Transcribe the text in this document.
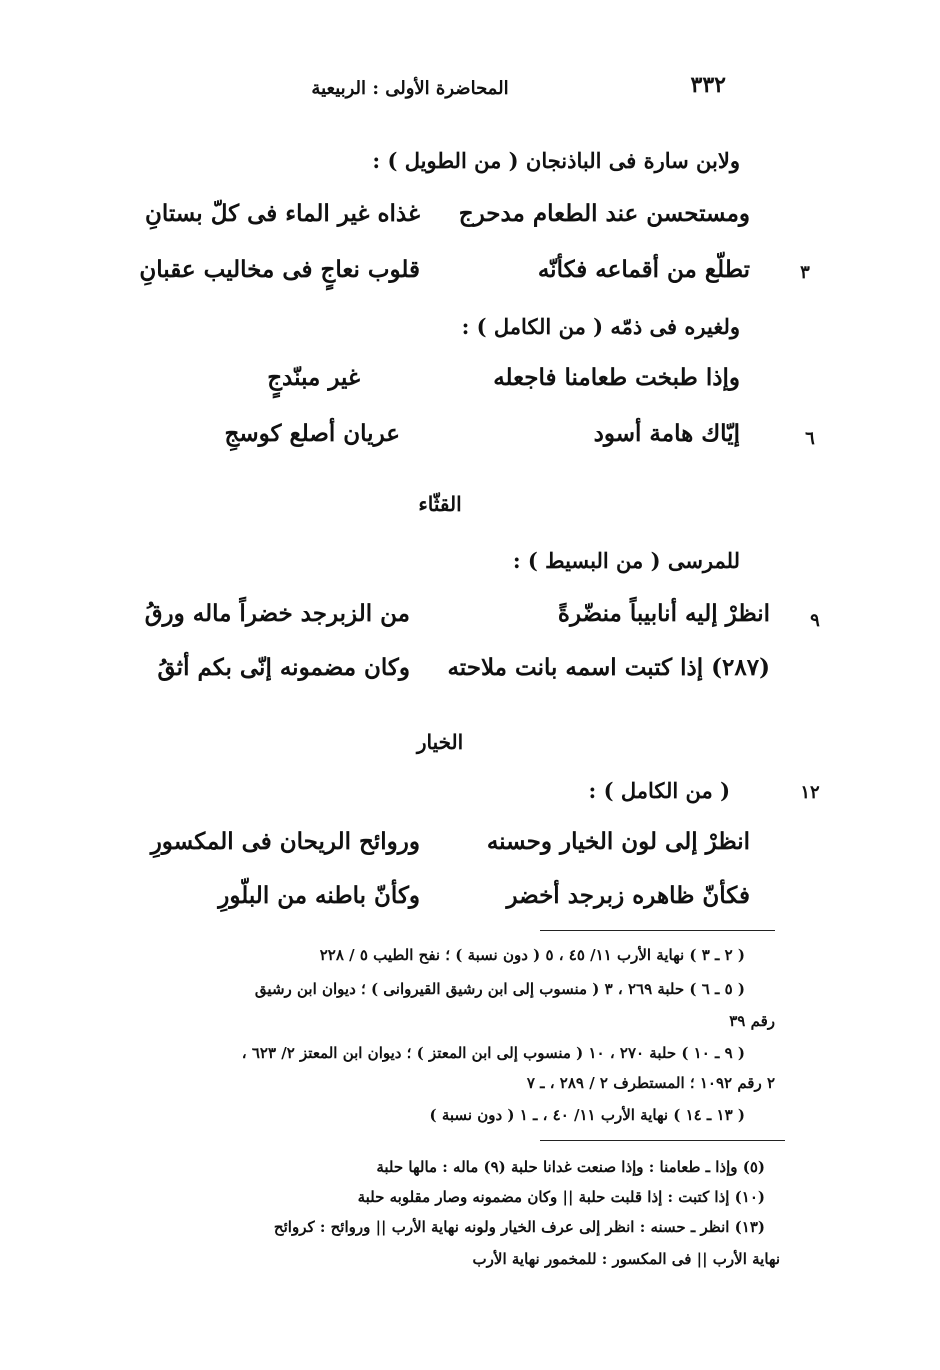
٣٣٢
المحاضرة الأولى : الربيعية
ولابن سارة فى الباذنجان ( من الطويل ) :
ومستحسن عند الطعام مدحرج
غذاه غير الماء فى كلّ بستانِ
٣
تطلّع من أقماعه فكأنّه
قلوب نعاجٍ فى مخاليب عقبانِ
ولغيره فى ذمّه ( من الكامل ) :
وإذا طبخت طعامنا فاجعله
غير مبنّدجٍ
٦
إيّاك هامة أسود
عريان أصلع كوسجِ
القثّاء
للمرسى ( من البسيط ) :
٩
انظرْ إليه أنابيباً منضّرةً
من الزبرجد خضراً ماله ورقُ
(٢٨٧) إذا كتبت اسمه بانت ملاحته
وكان مضمونه إنّى بكم أثقُ
الخيار
١٢
( من الكامل ) :
انظرْ إلى لون الخيار وحسنه
وروائح الريحان فى المكسورِ
فكأنّ ظاهره زبرجد أخضر
وكأنّ باطنه من البلّورِ
( ٢ ـ ٣ ) نهاية الأرب ١١/ ٤٥ ، ٥ ( دون نسبة ) ؛ نفح الطيب ٥ / ٢٢٨
( ٥ ـ ٦ ) حلبة ٢٦٩ ، ٣ ( منسوب إلى ابن رشيق القيروانى ) ؛ ديوان ابن رشيق
رقم ٣٩
( ٩ ـ ١٠ ) حلبة ٢٧٠ ، ١٠ ( منسوب إلى ابن المعتز ) ؛ ديوان ابن المعتز ٢/ ٦٢٣ ،
٢ رقم ١٠٩٢ ؛ المستطرف ٢ / ٢٨٩ ، ـ ٧
( ١٣ ـ ١٤ ) نهاية الأرب ١١/ ٤٠ ، ـ ١ ( دون نسبة )
(٥) وإذا ـ طعامنا : وإذا صنعت غدانا حلبة (٩) ماله : مالها حلبة
(١٠) إذا كتبت : إذا قلبت حلبة || وكان مضمونه وصار مقلوبه حلبة
(١٣) انظر ـ حسنه : انظر إلى عرف الخيار ولونه نهاية الأرب || وروائح : كروائح
نهاية الأرب || فى المكسور : للمخمور نهاية الأرب
